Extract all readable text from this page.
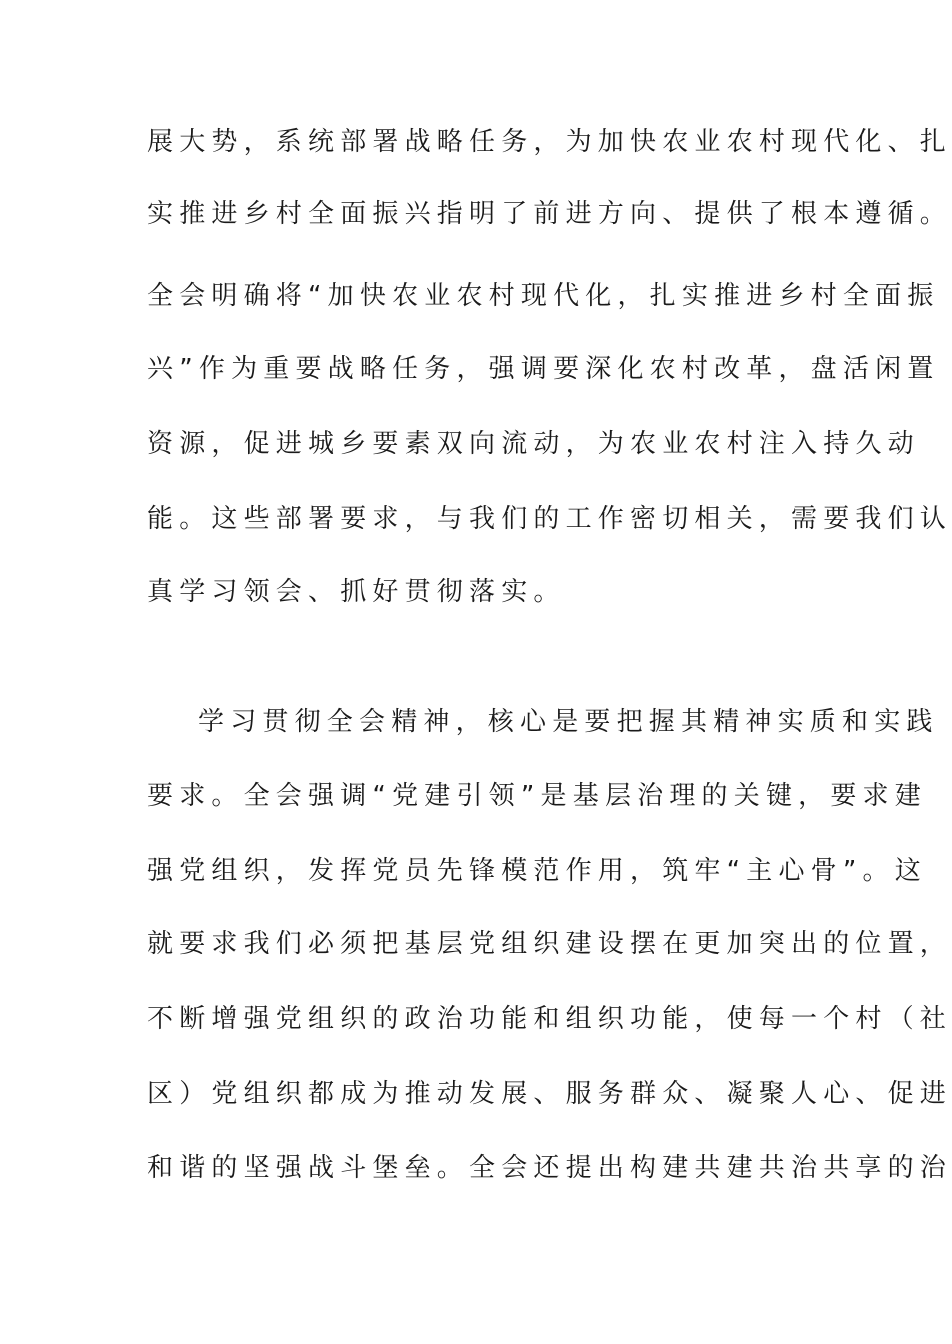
展大势，系统部署战略任务，为加快农业农村现代化、扎
实推进乡村全面振兴指明了前进方向、提供了根本遵循。
全会明确将“加快农业农村现代化，扎实推进乡村全面振
兴”作为重要战略任务，强调要深化农村改革，盘活闲置
资源，促进城乡要素双向流动，为农业农村注入持久动
能。这些部署要求，与我们的工作密切相关，需要我们认
真学习领会、抓好贯彻落实。
学习贯彻全会精神，核心是要把握其精神实质和实践
要求。全会强调“党建引领”是基层治理的关键，要求建
强党组织，发挥党员先锋模范作用，筑牢“主心骨”。这
就要求我们必须把基层党组织建设摆在更加突出的位置，
不断增强党组织的政治功能和组织功能，使每一个村（社
区）党组织都成为推动发展、服务群众、凝聚人心、促进
和谐的坚强战斗堡垒。全会还提出构建共建共治共享的治
